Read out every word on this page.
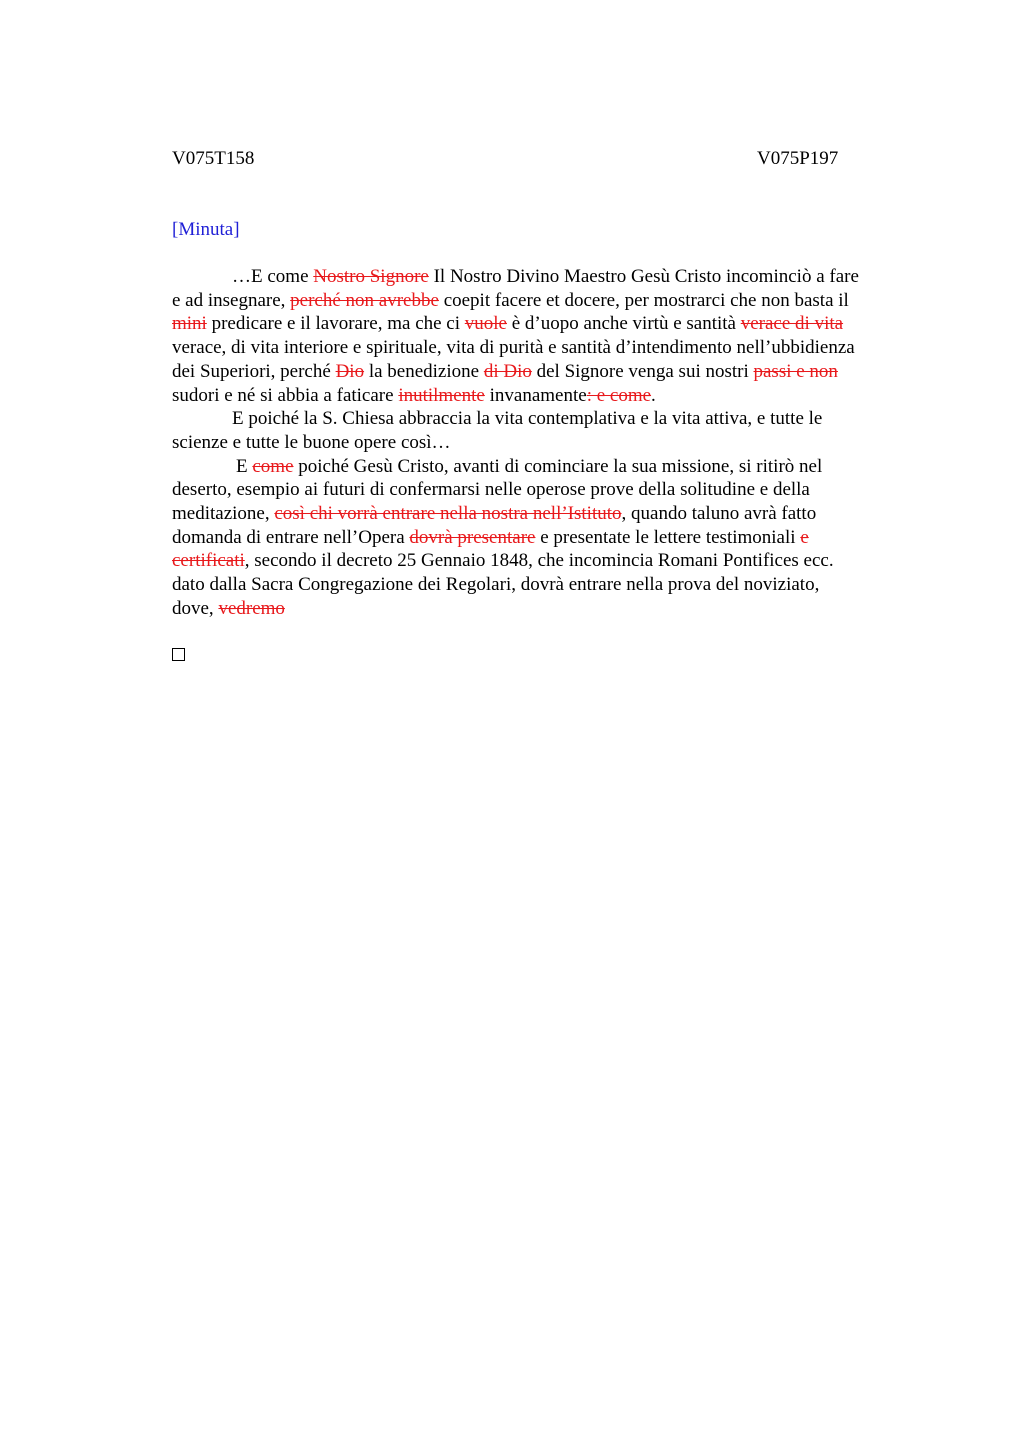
V075T158	V075P197
[Minuta]
…E come Nostro Signore Il Nostro Divino Maestro Gesù Cristo incominciò a fare
e ad insegnare, perché non avrebbe coepit facere et docere, per mostrarci che non basta il
mini predicare e il lavorare, ma che ci vuole è d’uopo anche virtù e santità verace di vita
verace, di vita interiore e spirituale, vita di purità e santità d’intendimento nell’ubbidienza
dei Superiori, perché Dio la benedizione di Dio del Signore venga sui nostri passi e non
sudori e né si abbia a faticare inutilmente invanamente: e come.
E poiché la S. Chiesa abbraccia la vita contemplativa e la vita attiva, e tutte le
scienze e tutte le buone opere così…
E come poiché Gesù Cristo, avanti di cominciare la sua missione, si ritirò nel
deserto, esempio ai futuri di confermarsi nelle operose prove della solitudine e della
meditazione, così chi vorrà entrare nella nostra nell’Istituto, quando taluno avrà fatto
domanda di entrare nell’Opera dovrà presentare e presentate le lettere testimoniali e
certificati, secondo il decreto 25 Gennaio 1848, che incomincia Romani Pontifices ecc.
dato dalla Sacra Congregazione dei Regolari, dovrà entrare nella prova del noviziato,
dove, vedremo
